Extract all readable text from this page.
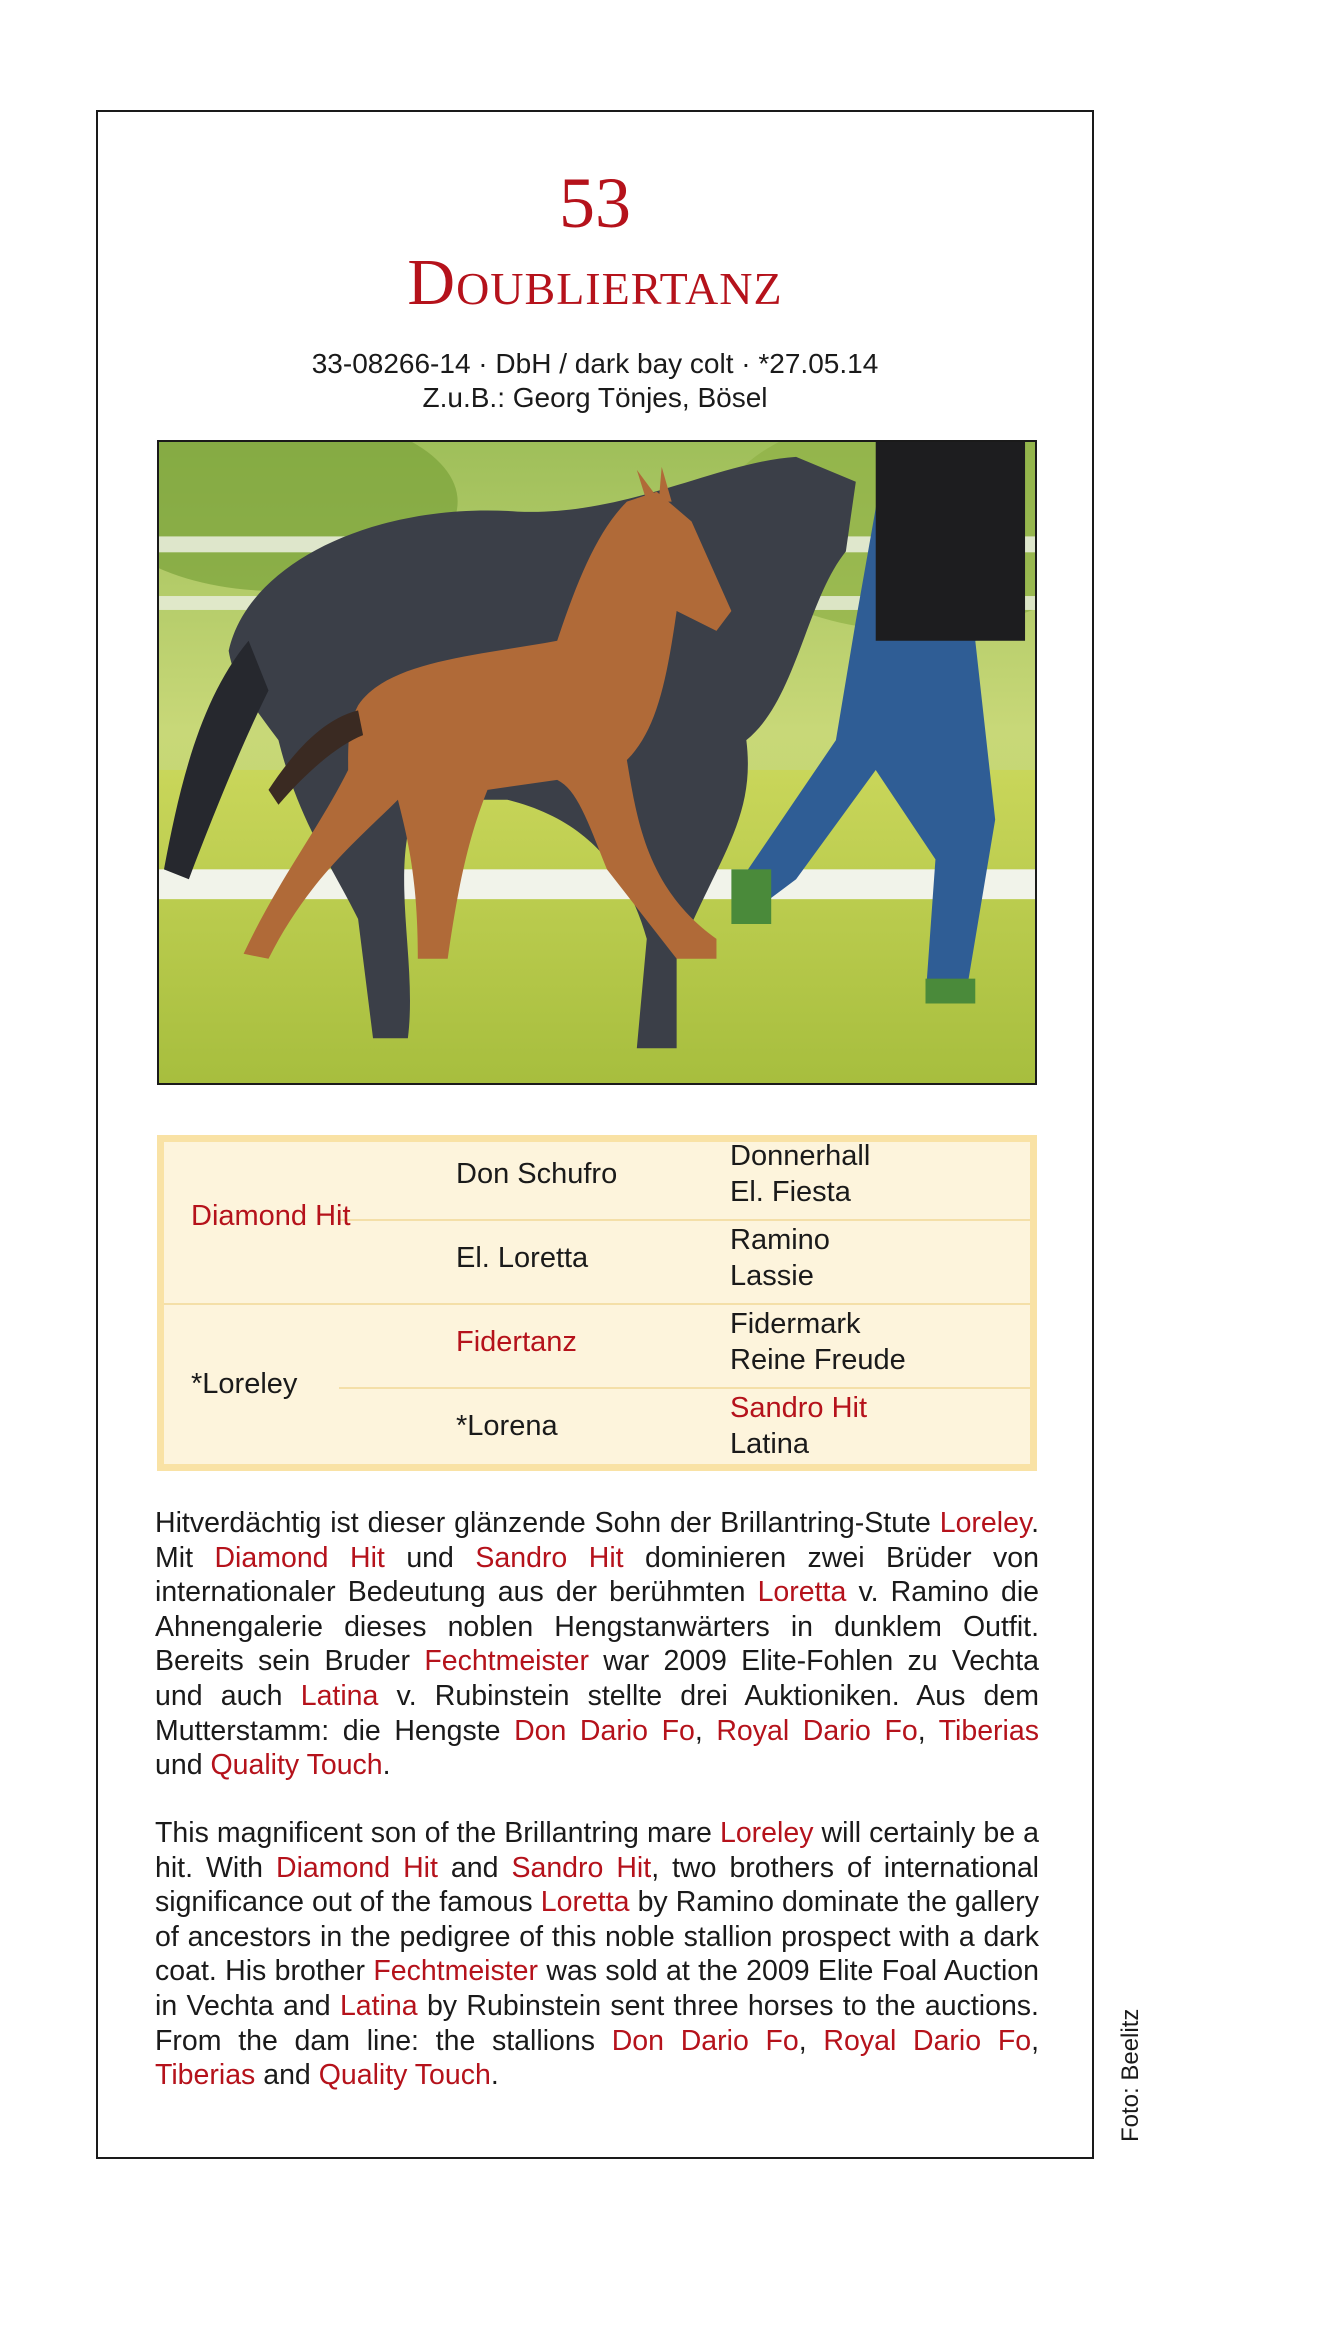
53
Doubliertanz
33-08266-14 · DbH / dark bay colt · *27.05.14
Z.u.B.: Georg Tönjes, Bösel
Diamond Hit
*Loreley
Don Schufro
El. Loretta
Fidertanz
*Lorena
Donnerhall
El. Fiesta
Ramino
Lassie
Fidermark
Reine Freude
Sandro Hit
Latina

Hitverdächtig ist dieser glänzende Sohn der Brillantring-Stute Loreley. Mit Diamond Hit und Sandro Hit dominieren zwei Brüder von internationaler Bedeutung aus der berühmten Loretta v. Ramino die Ahnengalerie dieses noblen Hengstanwärters in dunklem Outfit. Bereits sein Bruder Fechtmeister war 2009 Elite-Fohlen zu Vechta und auch Latina v. Rubinstein stellte drei Auktioniken. Aus dem Mutterstamm: die Hengste Don Dario Fo, Royal Dario Fo, Tiberias und Quality Touch.

This magnificent son of the Brillantring mare Loreley will certainly be a hit. With Diamond Hit and Sandro Hit, two brothers of international significance out of the famous Loretta by Ramino dominate the gallery of ancestors in the pedigree of this noble stallion prospect with a dark coat. His brother Fechtmeister was sold at the 2009 Elite Foal Auction in Vechta and Latina by Rubinstein sent three horses to the auctions. From the dam line: the stallions Don Dario Fo, Royal Dario Fo, Tiberias and Quality Touch.	Foto: Beelitz
